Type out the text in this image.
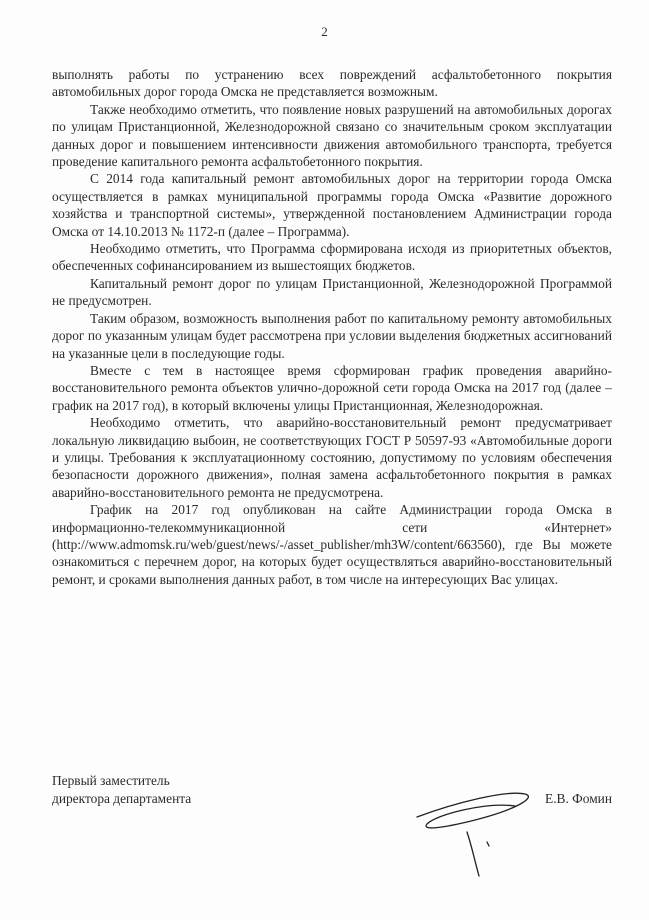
2

выполнять работы по устранению всех повреждений асфальтобетонного покрытия автомобильных дорог города Омска не представляется возможным.

Также необходимо отметить, что появление новых разрушений на автомобильных дорогах по улицам Пристанционной, Железнодорожной связано со значительным сроком эксплуатации данных дорог и повышением интенсивности движения автомобильного транспорта, требуется проведение капитального ремонта асфальтобетонного покрытия.

С 2014 года капитальный ремонт автомобильных дорог на территории города Омска осуществляется в рамках муниципальной программы города Омска «Развитие дорожного хозяйства и транспортной системы», утвержденной постановлением Администрации города Омска от 14.10.2013 № 1172-п (далее – Программа).

Необходимо отметить, что Программа сформирована исходя из приоритетных объектов, обеспеченных софинансированием из вышестоящих бюджетов.

Капитальный ремонт дорог по улицам Пристанционной, Железнодорожной Программой не предусмотрен.

Таким образом, возможность выполнения работ по капитальному ремонту автомобильных дорог по указанным улицам будет рассмотрена при условии выделения бюджетных ассигнований на указанные цели в последующие годы.

Вместе с тем в настоящее время сформирован график проведения аварийно-восстановительного ремонта объектов улично-дорожной сети города Омска на 2017 год (далее – график на 2017 год), в который включены улицы Пристанционная, Железнодорожная.

Необходимо отметить, что аварийно-восстановительный ремонт предусматривает локальную ликвидацию выбоин, не соответствующих ГОСТ Р 50597-93 «Автомобильные дороги и улицы. Требования к эксплуатационному состоянию, допустимому по условиям обеспечения безопасности дорожного движения», полная замена асфальтобетонного покрытия в рамках аварийно-восстановительного ремонта не предусмотрена.

График на 2017 год опубликован на сайте Администрации города Омска в информационно-телекоммуникационной сети «Интернет» (http://www.admomsk.ru/web/guest/news/-/asset_publisher/mh3W/content/663560), где Вы можете ознакомиться с перечнем дорог, на которых будет осуществляться аварийно-восстановительный ремонт, и сроками выполнения данных работ, в том числе на интересующих Вас улицах.

Первый заместитель
директора департамента	Е.В. Фомин
